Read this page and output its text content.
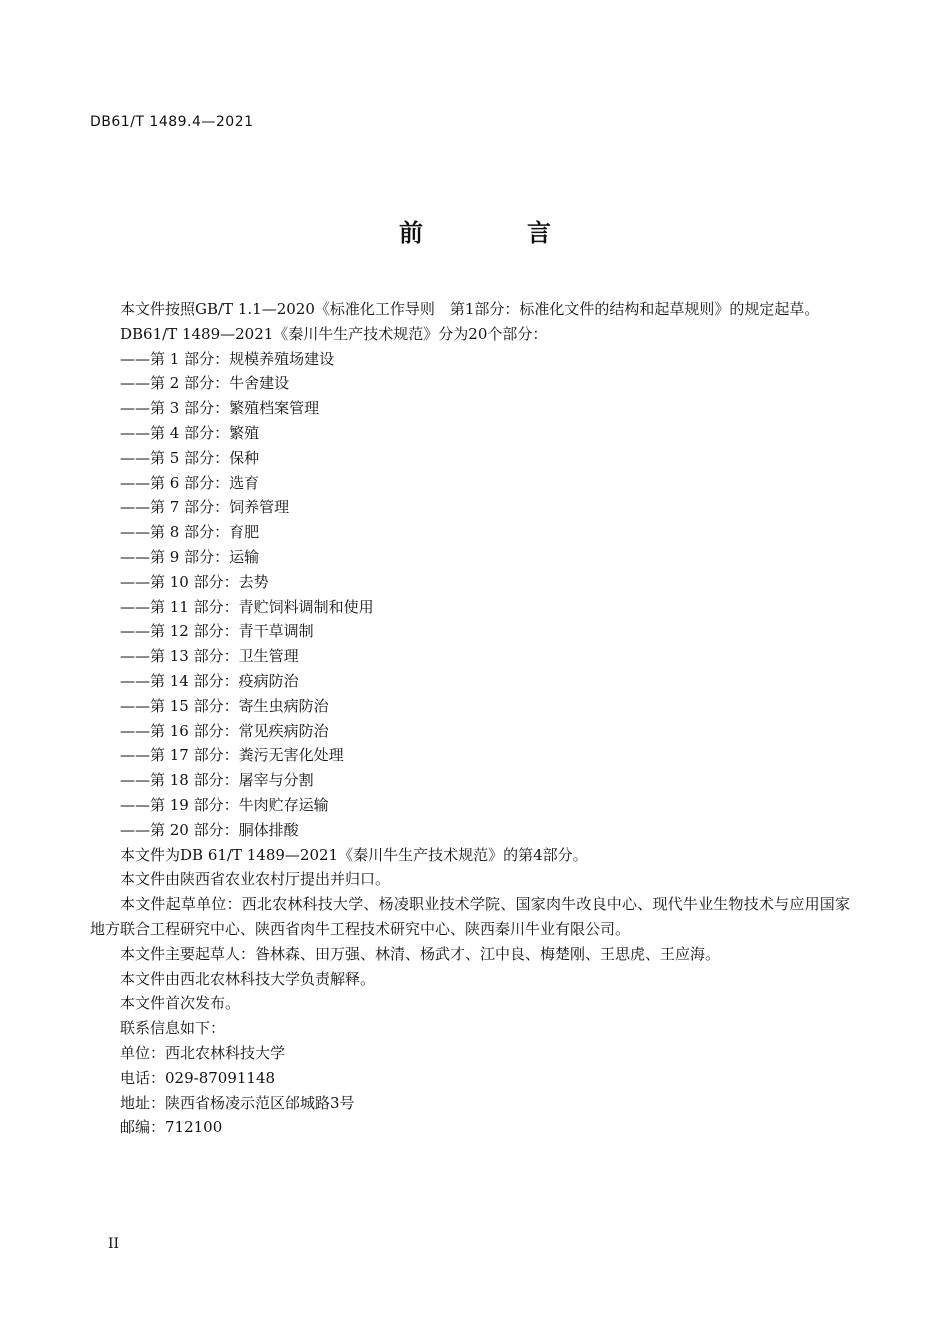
DB61/T 1489.4—2021
前　言

本文件按照GB/T 1.1—2020《标准化工作导则　第1部分：标准化文件的结构和起草规则》的规定起草。

DB61/T 1489—2021《秦川牛生产技术规范》分为20个部分：

——第 1 部分：规模养殖场建设
——第 2 部分：牛舍建设
——第 3 部分：繁殖档案管理
——第 4 部分：繁殖
——第 5 部分：保种
——第 6 部分：选育
——第 7 部分：饲养管理
——第 8 部分：育肥
——第 9 部分：运输
——第 10 部分：去势
——第 11 部分：青贮饲料调制和使用
——第 12 部分：青干草调制
——第 13 部分：卫生管理
——第 14 部分：疫病防治
——第 15 部分：寄生虫病防治
——第 16 部分：常见疾病防治
——第 17 部分：粪污无害化处理
——第 18 部分：屠宰与分割
——第 19 部分：牛肉贮存运输
——第 20 部分：胴体排酸

本文件为DB 61/T 1489—2021《秦川牛生产技术规范》的第4部分。

本文件由陕西省农业农村厅提出并归口。

本文件起草单位：西北农林科技大学、杨凌职业技术学院、国家肉牛改良中心、现代牛业生物技术与应用国家地方联合工程研究中心、陕西省肉牛工程技术研究中心、陕西秦川牛业有限公司。

本文件主要起草人：昝林森、田万强、林清、杨武才、江中良、梅楚刚、王思虎、王应海。

本文件由西北农林科技大学负责解释。

本文件首次发布。

联系信息如下：
单位：西北农林科技大学
电话：029-87091148
地址：陕西省杨凌示范区邰城路3号
邮编：712100
II
